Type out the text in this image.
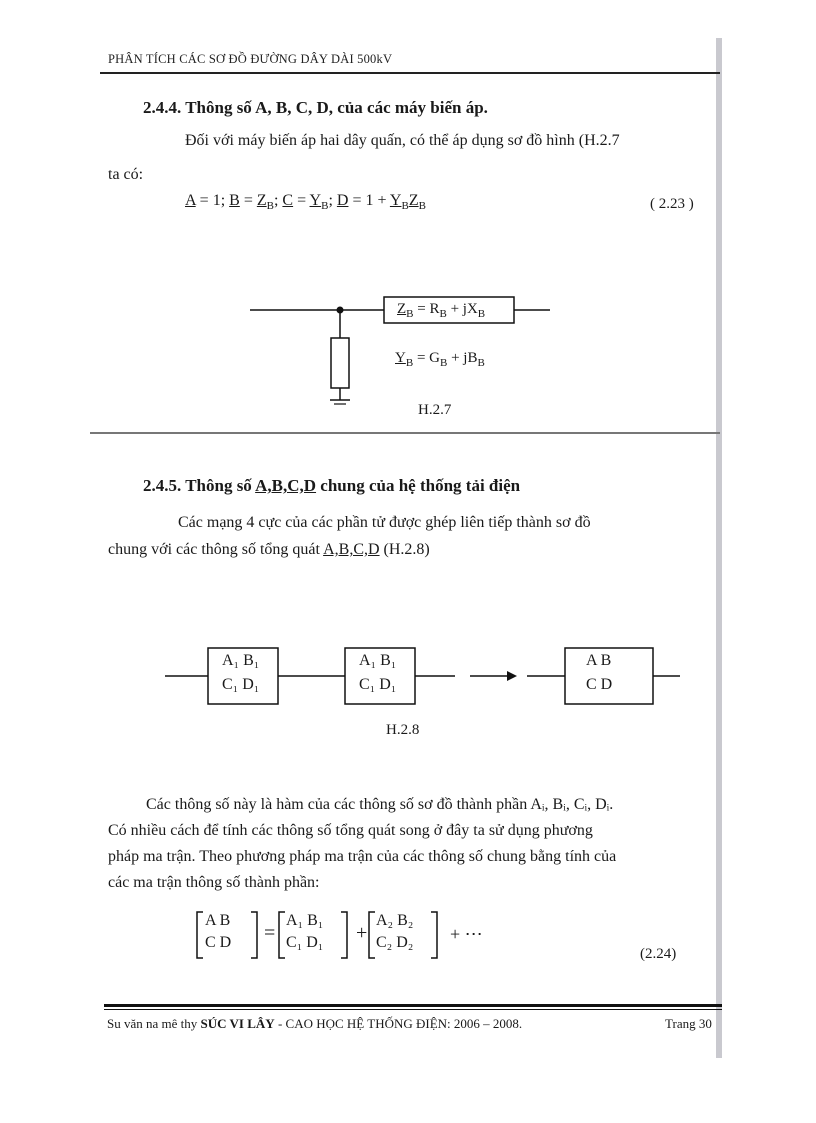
PHÂN TÍCH CÁC SƠ ĐỒ ĐƯỜNG DÂY DÀI 500kV
2.4.4. Thông số A, B, C, D, của các máy biến áp.
Đối với máy biến áp hai dây quấn, có thể áp dụng sơ đồ hình (H.2.7
ta có:
A = 1; $B = Z_B$; $C = Y_B$; $D = 1 + Y_BZ_B$	( 2.23 )
$Z_B = R_B + jX_B$
$Y_B = G_B + jB_B$
H.2.7
2.4.5. Thông số A,B,C,D chung của hệ thống tải điện
Các mạng 4 cực của các phần tử được ghép liên tiếp thành sơ đồ
chung với các thông số tổng quát A,B,C,D (H.2.8)
A₁ B₁
C₁ D₁
A₁ B₁
C₁ D₁
A B
C D
H.2.8
Các thông số này là hàm của các thông số sơ đồ thành phần Aᵢ, Bᵢ, Cᵢ, Dᵢ.
Có nhiều cách để tính các thông số tổng quát song ở đây ta sử dụng phương
pháp ma trận. Theo phương pháp ma trận của các thông số chung bằng tính của
các ma trận thông số thành phần:
A B
C D =
A₁ B₁
C₁ D₁ +
A₂ B₂
C₂ D₂ + ⋯
(2.24)
Su văn na mê thy SÚC VI LÂY - CAO HỌC HỆ THỐNG ĐIỆN: 2006 – 2008.	Trang 30
